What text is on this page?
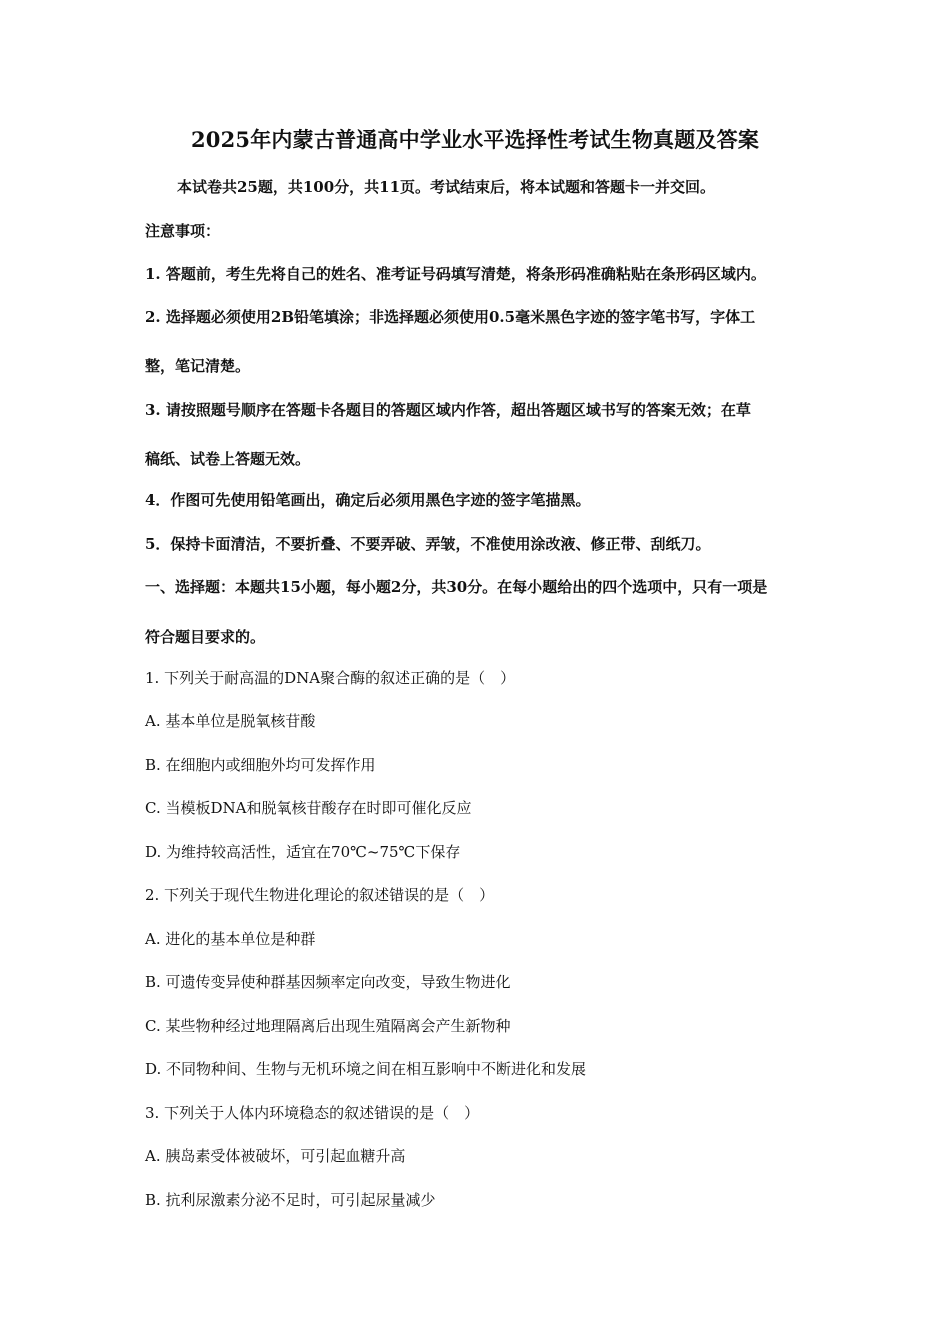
2025年内蒙古普通高中学业水平选择性考试生物真题及答案
本试卷共25题，共100分，共11页。考试结束后，将本试题和答题卡一并交回。
注意事项：
1. 答题前，考生先将自己的姓名、准考证号码填写清楚，将条形码准确粘贴在条形码区域内。
2. 选择题必须使用2B铅笔填涂；非选择题必须使用0.5毫米黑色字迹的签字笔书写，字体工
整，笔记清楚。
3. 请按照题号顺序在答题卡各题目的答题区域内作答，超出答题区域书写的答案无效；在草
稿纸、试卷上答题无效。
4．作图可先使用铅笔画出，确定后必须用黑色字迹的签字笔描黑。
5．保持卡面清洁，不要折叠、不要弄破、弄皱，不准使用涂改液、修正带、刮纸刀。
一、选择题：本题共15小题，每小题2分，共30分。在每小题给出的四个选项中，只有一项是
符合题目要求的。
1. 下列关于耐高温的DNA聚合酶的叙述正确的是（　）
A. 基本单位是脱氧核苷酸
B. 在细胞内或细胞外均可发挥作用
C. 当模板DNA和脱氧核苷酸存在时即可催化反应
D. 为维持较高活性，适宜在70℃~75℃下保存
2. 下列关于现代生物进化理论的叙述错误的是（　）
A. 进化的基本单位是种群
B. 可遗传变异使种群基因频率定向改变，导致生物进化
C. 某些物种经过地理隔离后出现生殖隔离会产生新物种
D. 不同物种间、生物与无机环境之间在相互影响中不断进化和发展
3. 下列关于人体内环境稳态的叙述错误的是（　）
A. 胰岛素受体被破坏，可引起血糖升高
B. 抗利尿激素分泌不足时，可引起尿量减少
